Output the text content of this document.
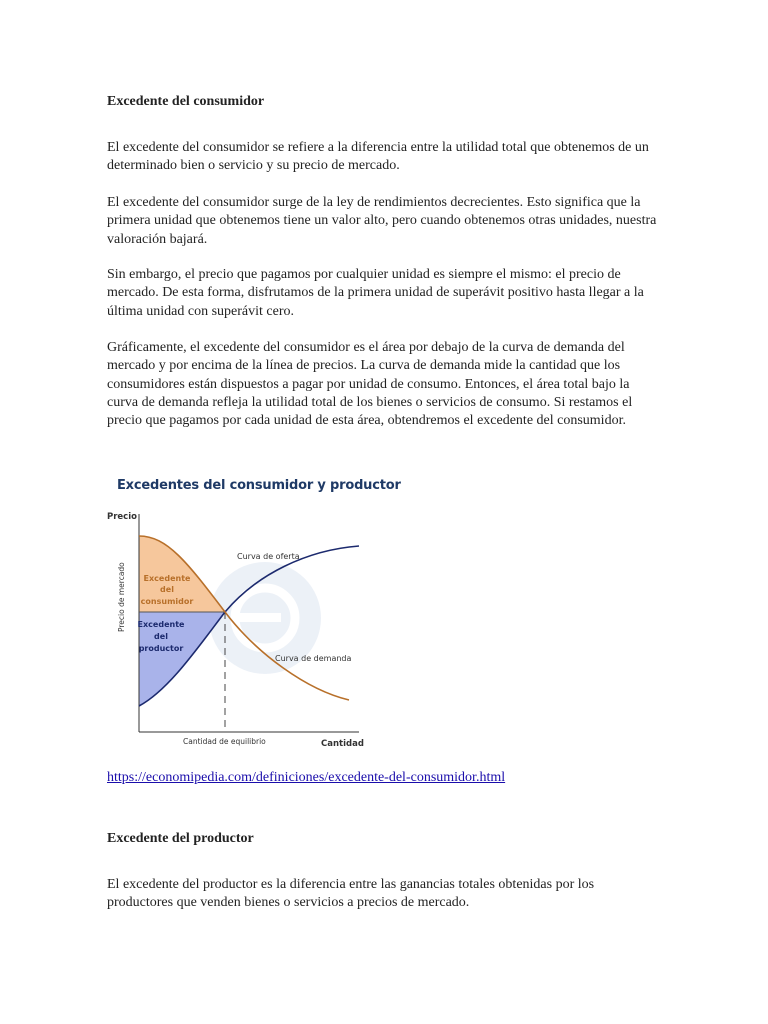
Excedente del consumidor

El excedente del consumidor se refiere a la diferencia entre la utilidad total que obtenemos de un determinado bien o servicio y su precio de mercado.

El excedente del consumidor surge de la ley de rendimientos decrecientes. Esto significa que la primera unidad que obtenemos tiene un valor alto, pero cuando obtenemos otras unidades, nuestra valoración bajará.

Sin embargo, el precio que pagamos por cualquier unidad es siempre el mismo: el precio de mercado. De esta forma, disfrutamos de la primera unidad de superávit positivo hasta llegar a la última unidad con superávit cero.

Gráficamente, el excedente del consumidor es el área por debajo de la curva de demanda del mercado y por encima de la línea de precios. La curva de demanda mide la cantidad que los consumidores están dispuestos a pagar por unidad de consumo. Entonces, el área total bajo la curva de demanda refleja la utilidad total de los bienes o servicios de consumo. Si restamos el precio que pagamos por cada unidad de esta área, obtendremos el excedente del consumidor.

Excedentes del consumidor y productor
Precio
Precio de mercado
Cantidad
Cantidad de equilibrio
Curva de oferta
Curva de demanda
Excedente
del
consumidor
Excedente
del
productor
https://economipedia.com/definiciones/excedente-del-consumidor.html
Excedente del productor

El excedente del productor es la diferencia entre las ganancias totales obtenidas por los productores que venden bienes o servicios a precios de mercado.
